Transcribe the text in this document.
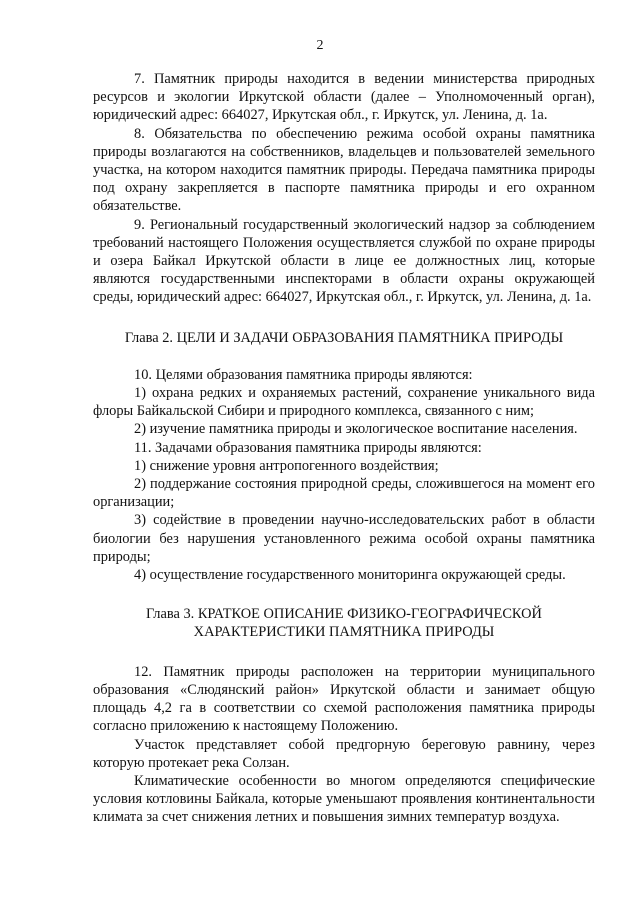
2

7. Памятник природы находится в ведении министерства природных ресурсов и экологии Иркутской области (далее – Уполномоченный орган), юридический адрес: 664027, Иркутская обл., г. Иркутск, ул. Ленина, д. 1а.

8. Обязательства по обеспечению режима особой охраны памятника природы возлагаются на собственников, владельцев и пользователей земельного участка, на котором находится памятник природы. Передача памятника природы под охрану закрепляется в паспорте памятника природы и его охранном обязательстве.

9. Региональный государственный экологический надзор за соблюдением требований настоящего Положения осуществляется службой по охране природы и озера Байкал Иркутской области в лице ее должностных лиц, которые являются государственными инспекторами в области охраны окружающей среды, юридический адрес: 664027, Иркутская обл., г. Иркутск, ул. Ленина, д. 1а.

Глава 2. ЦЕЛИ И ЗАДАЧИ ОБРАЗОВАНИЯ ПАМЯТНИКА ПРИРОДЫ

10. Целями образования памятника природы являются:

1) охрана редких и охраняемых растений, сохранение уникального вида флоры Байкальской Сибири и природного комплекса, связанного с ним;

2) изучение памятника природы и экологическое воспитание населения.

11. Задачами образования памятника природы являются:

1) снижение уровня антропогенного воздействия;

2) поддержание состояния природной среды, сложившегося на момент его организации;

3) содействие в проведении научно-исследовательских работ в области биологии без нарушения установленного режима особой охраны памятника природы;

4) осуществление государственного мониторинга окружающей среды.

Глава 3. КРАТКОЕ ОПИСАНИЕ ФИЗИКО-ГЕОГРАФИЧЕСКОЙ

ХАРАКТЕРИСТИКИ ПАМЯТНИКА ПРИРОДЫ

12. Памятник природы расположен на территории муниципального образования «Слюдянский район» Иркутской области и занимает общую площадь 4,2 га в соответствии со схемой расположения памятника природы согласно приложению к настоящему Положению.

Участок представляет собой предгорную береговую равнину, через которую протекает река Солзан.

Климатические особенности во многом определяются специфические условия котловины Байкала, которые уменьшают проявления континентальности климата за счет снижения летних и повышения зимних температур воздуха.
